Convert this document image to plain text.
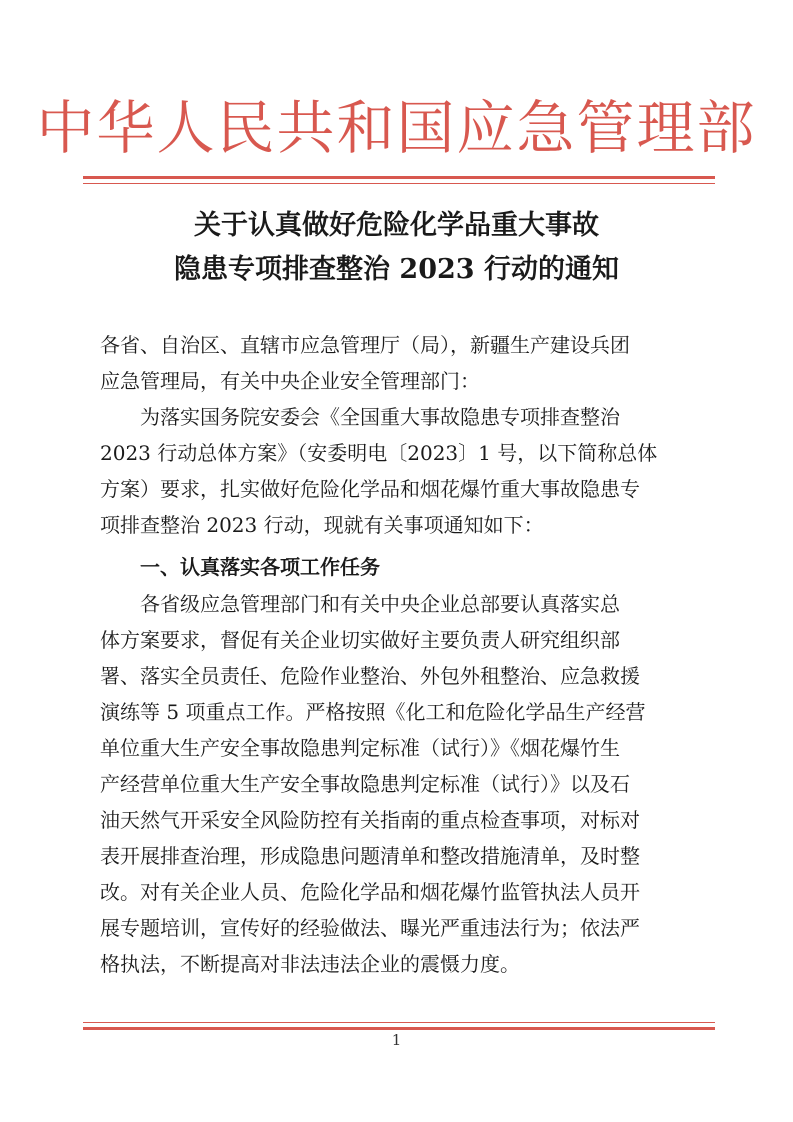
中华人民共和国应急管理部
关于认真做好危险化学品重大事故
隐患专项排查整治 2023 行动的通知
各省、自治区、直辖市应急管理厅（局），新疆生产建设兵团
应急管理局，有关中央企业安全管理部门：
为落实国务院安委会《全国重大事故隐患专项排查整治
2023 行动总体方案》（安委明电〔2023〕1 号，以下简称总体
方案）要求，扎实做好危险化学品和烟花爆竹重大事故隐患专
项排查整治 2023 行动，现就有关事项通知如下：
一、认真落实各项工作任务
各省级应急管理部门和有关中央企业总部要认真落实总
体方案要求，督促有关企业切实做好主要负责人研究组织部
署、落实全员责任、危险作业整治、外包外租整治、应急救援
演练等 5 项重点工作。严格按照《化工和危险化学品生产经营
单位重大生产安全事故隐患判定标准（试行）》《烟花爆竹生
产经营单位重大生产安全事故隐患判定标准（试行）》以及石
油天然气开采安全风险防控有关指南的重点检查事项，对标对
表开展排查治理，形成隐患问题清单和整改措施清单，及时整
改。对有关企业人员、危险化学品和烟花爆竹监管执法人员开
展专题培训，宣传好的经验做法、曝光严重违法行为；依法严
格执法，不断提高对非法违法企业的震慑力度。
1
